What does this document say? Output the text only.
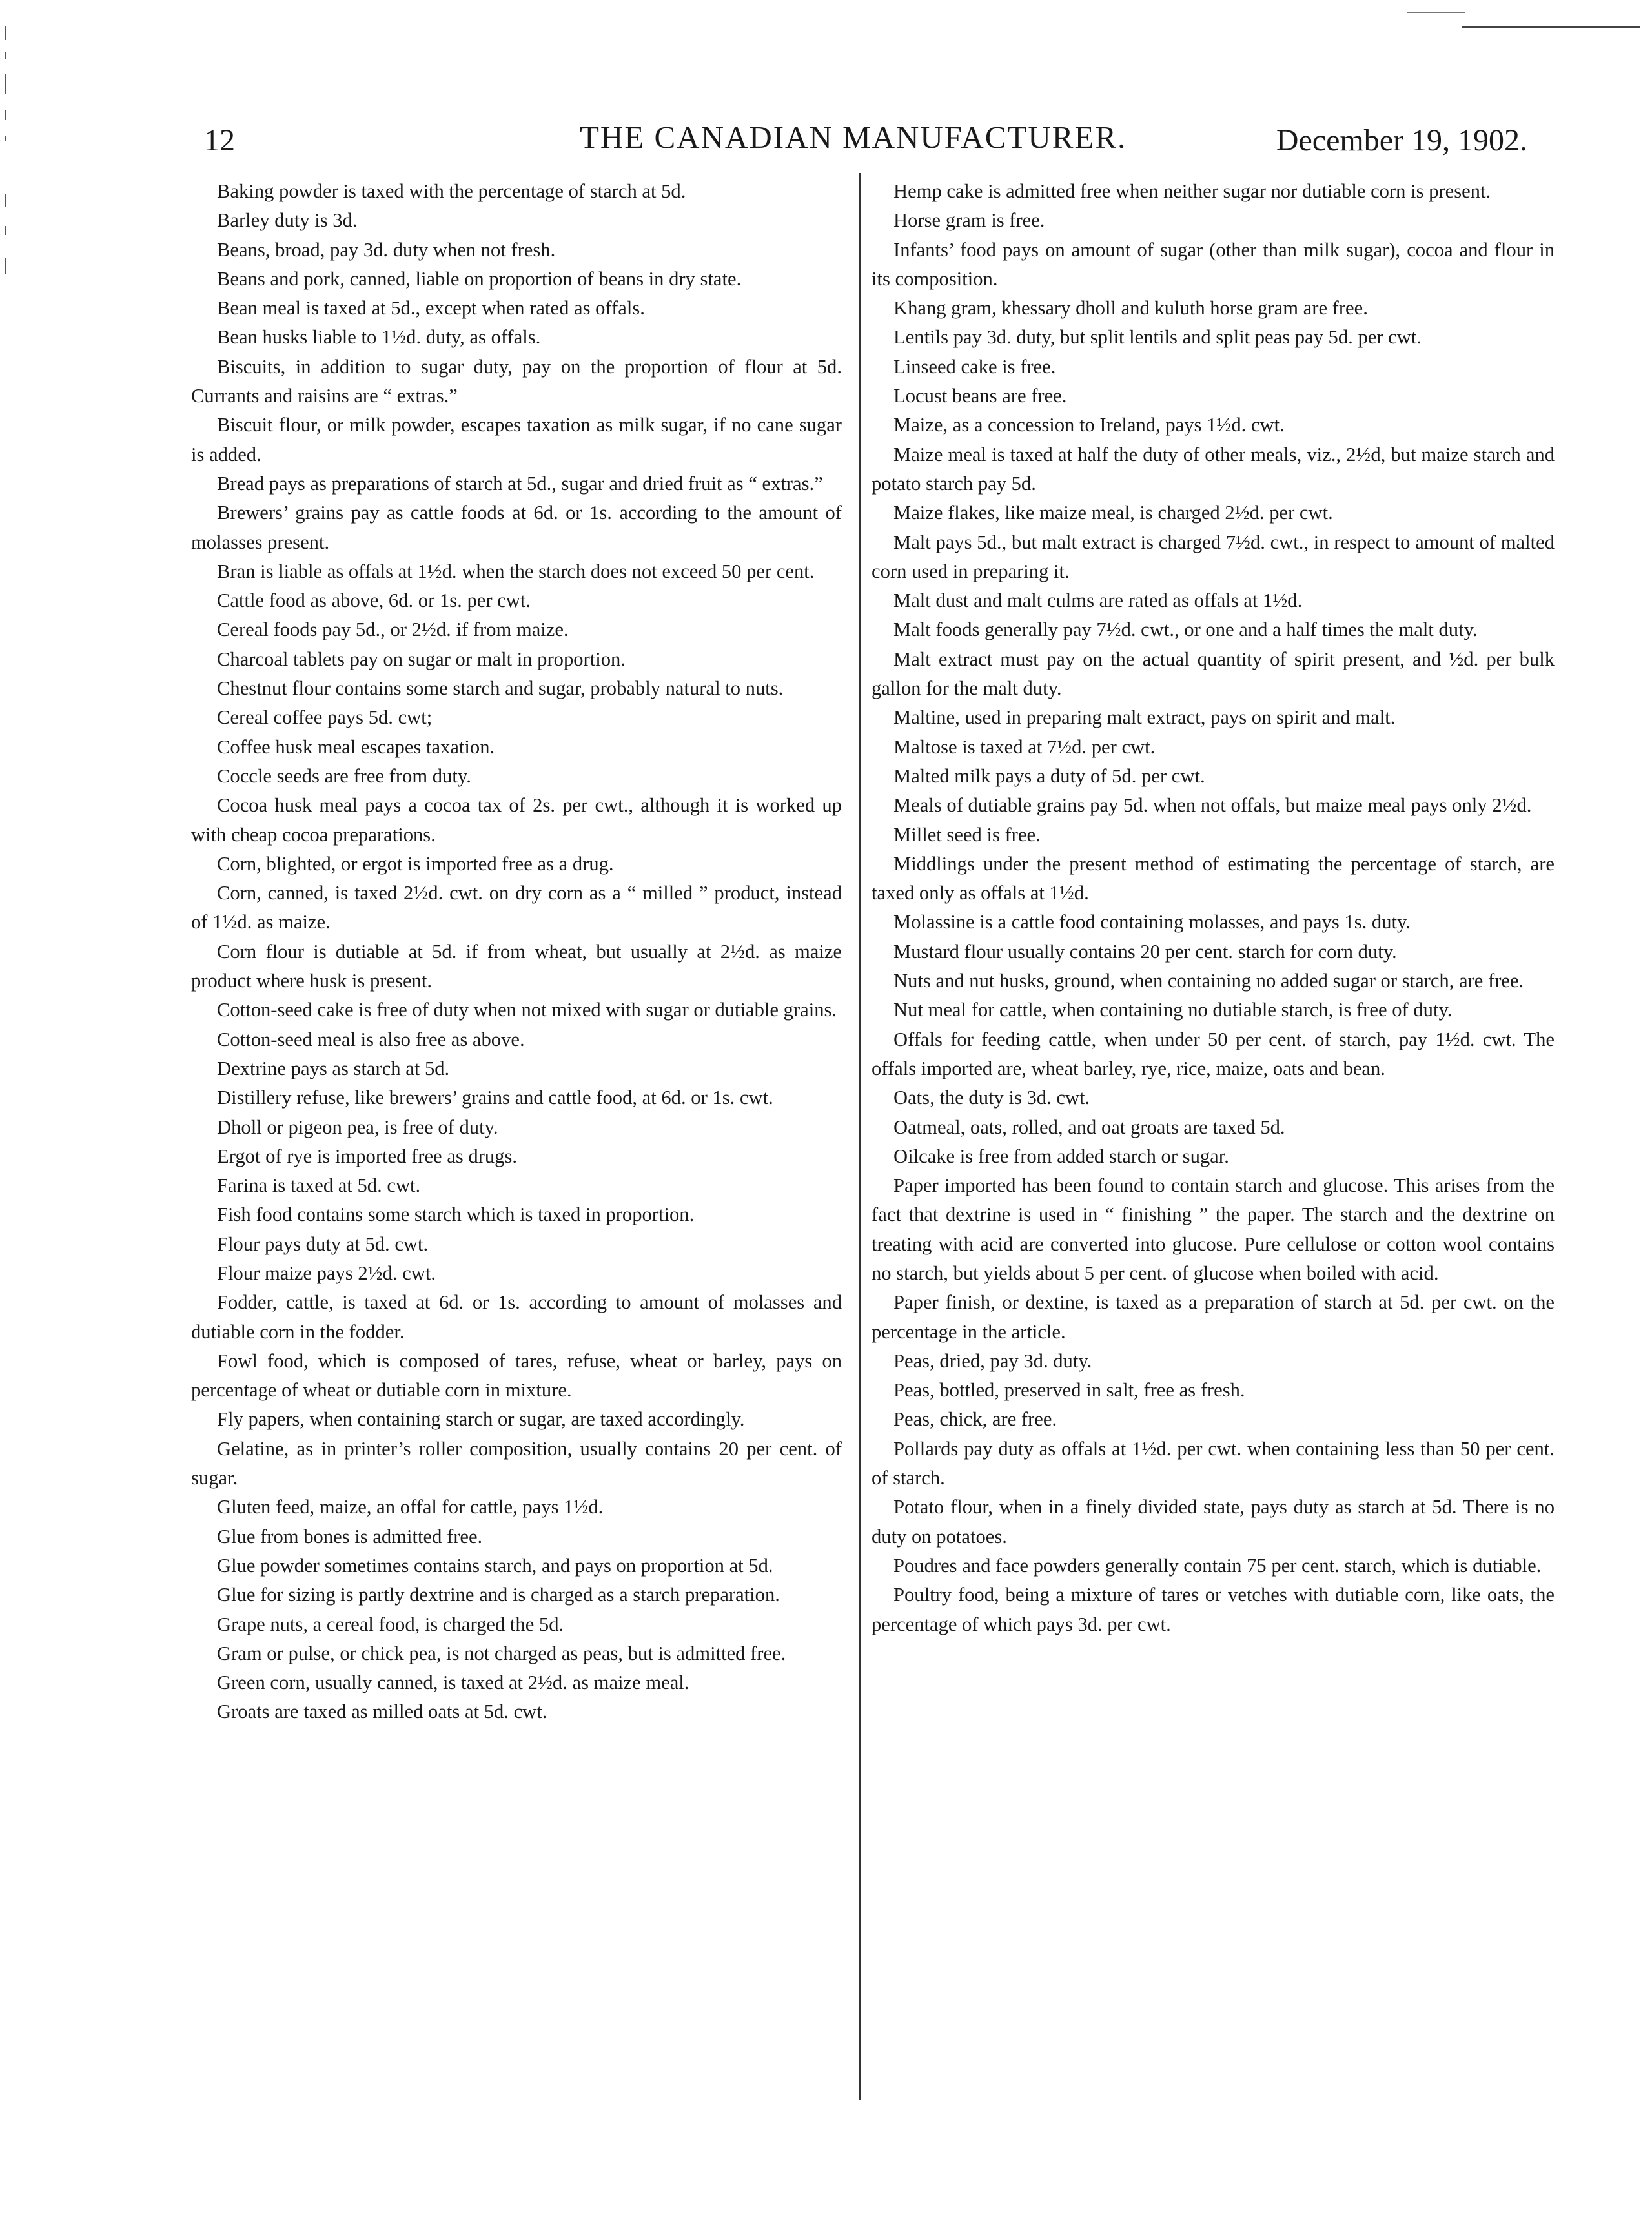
12	THE CANADIAN MANUFACTURER.	December 19, 1902.

Baking powder is taxed with the percentage of starch at 5d.

Barley duty is 3d.

Beans, broad, pay 3d. duty when not fresh.

Beans and pork, canned, liable on proportion of beans in dry state.

Bean meal is taxed at 5d., except when rated as offals.

Bean husks liable to 1½d. duty, as offals.

Biscuits, in addition to sugar duty, pay on the proportion of flour at 5d. Currants and raisins are “ extras.”

Biscuit flour, or milk powder, escapes taxation as milk sugar, if no cane sugar is added.

Bread pays as preparations of starch at 5d., sugar and dried fruit as “ extras.”

Brewers’ grains pay as cattle foods at 6d. or 1s. according to the amount of molasses present.

Bran is liable as offals at 1½d. when the starch does not exceed 50 per cent.

Cattle food as above, 6d. or 1s. per cwt.

Cereal foods pay 5d., or 2½d. if from maize.

Charcoal tablets pay on sugar or malt in proportion.

Chestnut flour contains some starch and sugar, probably natural to nuts.

Cereal coffee pays 5d. cwt;

Coffee husk meal escapes taxation.

Coccle seeds are free from duty.

Cocoa husk meal pays a cocoa tax of 2s. per cwt., although it is worked up with cheap cocoa preparations.

Corn, blighted, or ergot is imported free as a drug.

Corn, canned, is taxed 2½d. cwt. on dry corn as a “ milled ” product, instead of 1½d. as maize.

Corn flour is dutiable at 5d. if from wheat, but usually at 2½d. as maize product where husk is present.

Cotton-seed cake is free of duty when not mixed with sugar or dutiable grains.

Cotton-seed meal is also free as above.

Dextrine pays as starch at 5d.

Distillery refuse, like brewers’ grains and cattle food, at 6d. or 1s. cwt.

Dholl or pigeon pea, is free of duty.

Ergot of rye is imported free as drugs.

Farina is taxed at 5d. cwt.

Fish food contains some starch which is taxed in proportion.

Flour pays duty at 5d. cwt.

Flour maize pays 2½d. cwt.

Fodder, cattle, is taxed at 6d. or 1s. according to amount of molasses and dutiable corn in the fodder.

Fowl food, which is composed of tares, refuse, wheat or barley, pays on percentage of wheat or dutiable corn in mixture.

Fly papers, when containing starch or sugar, are taxed accordingly.

Gelatine, as in printer’s roller composition, usually contains 20 per cent. of sugar.

Gluten feed, maize, an offal for cattle, pays 1½d.

Glue from bones is admitted free.

Glue powder sometimes contains starch, and pays on proportion at 5d.

Glue for sizing is partly dextrine and is charged as a starch preparation.

Grape nuts, a cereal food, is charged the 5d.

Gram or pulse, or chick pea, is not charged as peas, but is admitted free.

Green corn, usually canned, is taxed at 2½d. as maize meal.

Groats are taxed as milled oats at 5d. cwt.

Hemp cake is admitted free when neither sugar nor dutiable corn is present.

Horse gram is free.

Infants’ food pays on amount of sugar (other than milk sugar), cocoa and flour in its composition.

Khang gram, khessary dholl and kuluth horse gram are free.

Lentils pay 3d. duty, but split lentils and split peas pay 5d. per cwt.

Linseed cake is free.

Locust beans are free.

Maize, as a concession to Ireland, pays 1½d. cwt.

Maize meal is taxed at half the duty of other meals, viz., 2½d, but maize starch and potato starch pay 5d.

Maize flakes, like maize meal, is charged 2½d. per cwt.

Malt pays 5d., but malt extract is charged 7½d. cwt., in respect to amount of malted corn used in preparing it.

Malt dust and malt culms are rated as offals at 1½d.

Malt foods generally pay 7½d. cwt., or one and a half times the malt duty.

Malt extract must pay on the actual quantity of spirit present, and ½d. per bulk gallon for the malt duty.

Maltine, used in preparing malt extract, pays on spirit and malt.

Maltose is taxed at 7½d. per cwt.

Malted milk pays a duty of 5d. per cwt.

Meals of dutiable grains pay 5d. when not offals, but maize meal pays only 2½d.

Millet seed is free.

Middlings under the present method of estimating the percentage of starch, are taxed only as offals at 1½d.

Molassine is a cattle food containing molasses, and pays 1s. duty.

Mustard flour usually contains 20 per cent. starch for corn duty.

Nuts and nut husks, ground, when containing no added sugar or starch, are free.

Nut meal for cattle, when containing no dutiable starch, is free of duty.

Offals for feeding cattle, when under 50 per cent. of starch, pay 1½d. cwt. The offals imported are, wheat barley, rye, rice, maize, oats and bean.

Oats, the duty is 3d. cwt.

Oatmeal, oats, rolled, and oat groats are taxed 5d.

Oilcake is free from added starch or sugar.

Paper imported has been found to contain starch and glucose. This arises from the fact that dextrine is used in “ finishing ” the paper. The starch and the dextrine on treating with acid are converted into glucose. Pure cellulose or cotton wool contains no starch, but yields about 5 per cent. of glucose when boiled with acid.

Paper finish, or dextine, is taxed as a preparation of starch at 5d. per cwt. on the percentage in the article.

Peas, dried, pay 3d. duty.

Peas, bottled, preserved in salt, free as fresh.

Peas, chick, are free.

Pollards pay duty as offals at 1½d. per cwt. when containing less than 50 per cent. of starch.

Potato flour, when in a finely divided state, pays duty as starch at 5d. There is no duty on potatoes.

Poudres and face powders generally contain 75 per cent. starch, which is dutiable.

Poultry food, being a mixture of tares or vetches with dutiable corn, like oats, the percentage of which pays 3d. per cwt.
